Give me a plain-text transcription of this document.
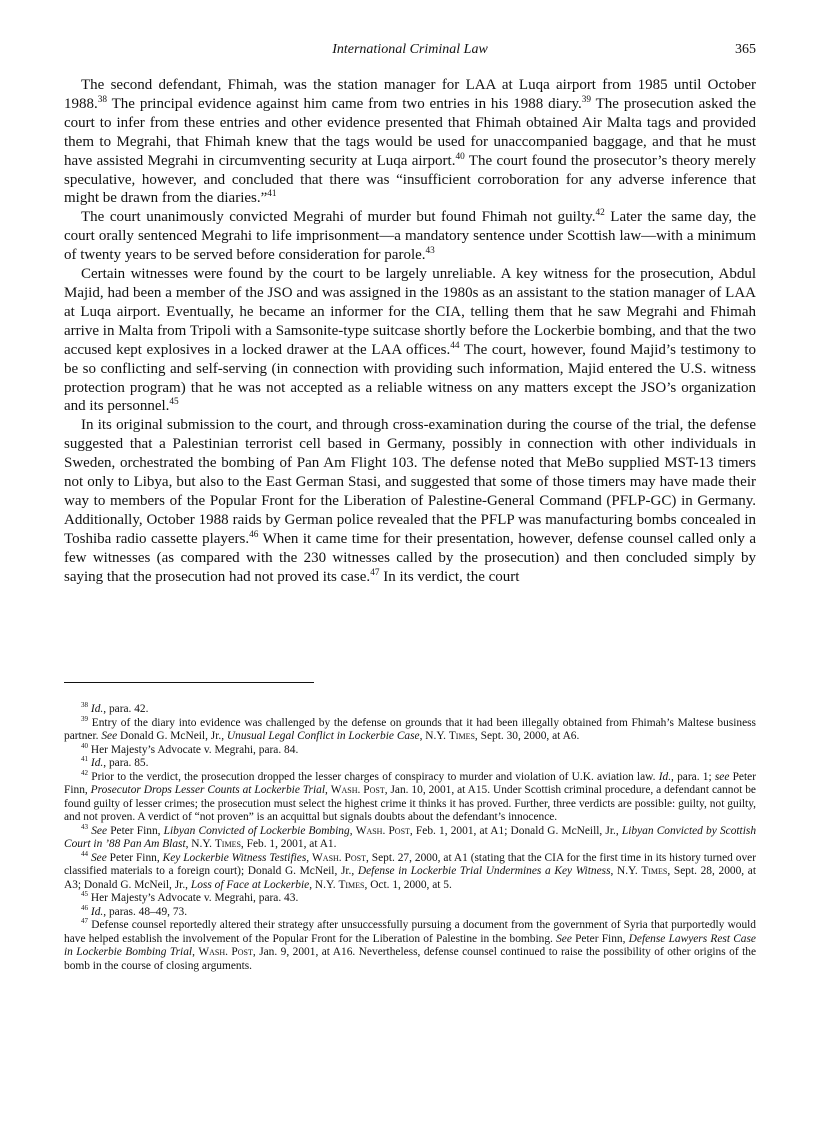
International Criminal Law	365

The second defendant, Fhimah, was the station manager for LAA at Luqa airport from 1985 until October 1988.38 The principal evidence against him came from two entries in his 1988 diary.$^{39}$ The prosecution asked the court to infer from these entries and other evidence presented that Fhimah obtained Air Malta tags and provided them to Megrahi, that Fhimah knew that the tags would be used for unaccompanied baggage, and that he must have assisted Megrahi in circumventing security at Luqa airport.$^{40}$ The court found the prosecutor’s theory merely speculative, however, and concluded that there was “insufficient corroboration for any adverse inference that might be drawn from the diaries.”$^{41}$

The court unanimously convicted Megrahi of murder but found Fhimah not guilty.$^{42}$ Later the same day, the court orally sentenced Megrahi to life imprisonment—a mandatory sentence under Scottish law—with a minimum of twenty years to be served before consideration for parole.$^{43}$

Certain witnesses were found by the court to be largely unreliable. A key witness for the prosecution, Abdul Majid, had been a member of the JSO and was assigned in the 1980s as an assistant to the station manager of LAA at Luqa airport. Eventually, he became an informer for the CIA, telling them that he saw Megrahi and Fhimah arrive in Malta from Tripoli with a Samsonite-type suitcase shortly before the Lockerbie bombing, and that the two accused kept explosives in a locked drawer at the LAA offices.$^{44}$ The court, however, found Majid’s testimony to be so conflicting and self-serving (in connection with providing such information, Majid entered the U.S. witness protection program) that he was not accepted as a reliable witness on any matters except the JSO’s organization and its personnel.$^{45}$

In its original submission to the court, and through cross-examination during the course of the trial, the defense suggested that a Palestinian terrorist cell based in Germany, possibly in connection with other individuals in Sweden, orchestrated the bombing of Pan Am Flight 103. The defense noted that MeBo supplied MST-13 timers not only to Libya, but also to the East German Stasi, and suggested that some of those timers may have made their way to members of the Popular Front for the Liberation of Palestine-General Command (PFLP-GC) in Germany. Additionally, October 1988 raids by German police revealed that the PFLP was manufacturing bombs concealed in Toshiba radio cassette players.$^{46}$ When it came time for their presentation, however, defense counsel called only a few witnesses (as compared with the 230 witnesses called by the prosecution) and then concluded simply by saying that the prosecution had not proved its case.$^{47}$ In its verdict, the court

$^{38}$ Id., para. 42.

$^{39}$ Entry of the diary into evidence was challenged by the defense on grounds that it had been illegally obtained from Fhimah’s Maltese business partner. See Donald G. McNeil, Jr., Unusual Legal Conflict in Lockerbie Case, N.Y. Times, Sept. 30, 2000, at A6.

$^{40}$ Her Majesty’s Advocate v. Megrahi, para. 84.

$^{41}$ Id., para. 85.

$^{42}$ Prior to the verdict, the prosecution dropped the lesser charges of conspiracy to murder and violation of U.K. aviation law. Id., para. 1; see Peter Finn, Prosecutor Drops Lesser Counts at Lockerbie Trial, Wash. Post, Jan. 10, 2001, at A15. Under Scottish criminal procedure, a defendant cannot be found guilty of lesser crimes; the prosecution must select the highest crime it thinks it has proved. Further, three verdicts are possible: guilty, not guilty, and not proven. A verdict of “not proven” is an acquittal but signals doubts about the defendant’s innocence.

$^{43}$ See Peter Finn, Libyan Convicted of Lockerbie Bombing, Wash. Post, Feb. 1, 2001, at A1; Donald G. McNeill, Jr., Libyan Convicted by Scottish Court in ’88 Pan Am Blast, N.Y. Times, Feb. 1, 2001, at A1.

$^{44}$ See Peter Finn, Key Lockerbie Witness Testifies, Wash. Post, Sept. 27, 2000, at A1 (stating that the CIA for the first time in its history turned over classified materials to a foreign court); Donald G. McNeil, Jr., Defense in Lockerbie Trial Undermines a Key Witness, N.Y. Times, Sept. 28, 2000, at A3; Donald G. McNeil, Jr., Loss of Face at Lockerbie, N.Y. Times, Oct. 1, 2000, at 5.

$^{45}$ Her Majesty’s Advocate v. Megrahi, para. 43.

$^{46}$ Id., paras. 48–49, 73.

$^{47}$ Defense counsel reportedly altered their strategy after unsuccessfully pursuing a document from the government of Syria that purportedly would have helped establish the involvement of the Popular Front for the Liberation of Palestine in the bombing. See Peter Finn, Defense Lawyers Rest Case in Lockerbie Bombing Trial, Wash. Post, Jan. 9, 2001, at A16. Nevertheless, defense counsel continued to raise the possibility of other origins of the bomb in the course of closing arguments.
